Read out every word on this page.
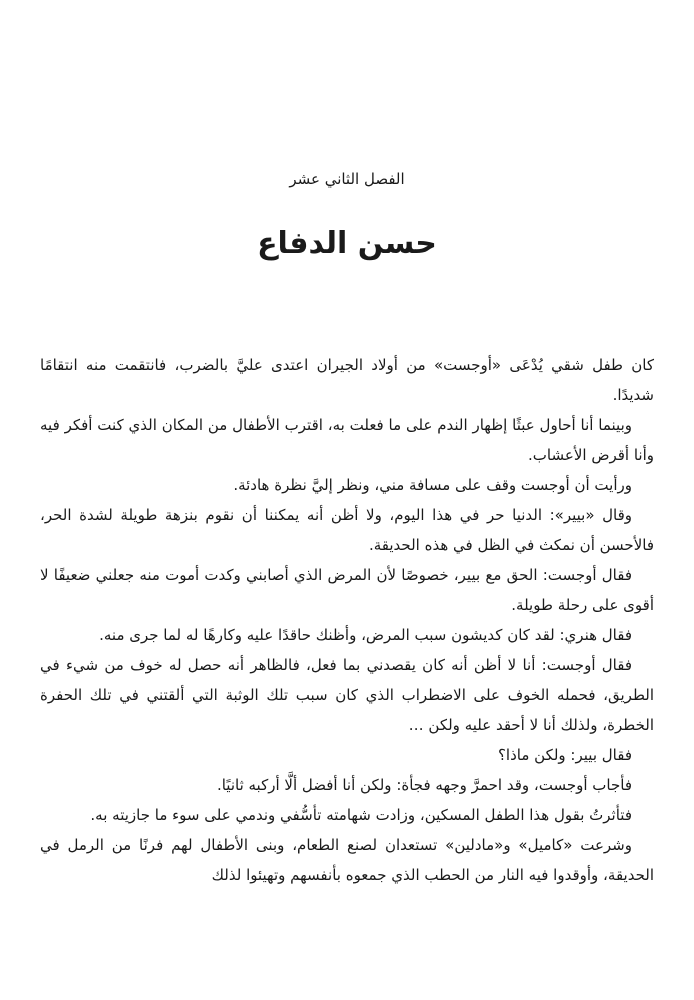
الفصل الثاني عشر
حسن الدفاع

كان طفل شقي يُدْعَى «أوجست» من أولاد الجيران اعتدى عليَّ بالضرب، فانتقمت منه انتقامًا شديدًا.

وبينما أنا أحاول عبثًا إظهار الندم على ما فعلت به، اقترب الأطفال من المكان الذي كنت أفكر فيه وأنا أقرض الأعشاب.

ورأيت أن أوجست وقف على مسافة مني، ونظر إليَّ نظرة هادئة.

وقال «بيير»: الدنيا حر في هذا اليوم، ولا أظن أنه يمكننا أن نقوم بنزهة طويلة لشدة الحر، فالأحسن أن نمكث في الظل في هذه الحديقة.

فقال أوجست: الحق مع بيير، خصوصًا لأن المرض الذي أصابني وكدت أموت منه جعلني ضعيفًا لا أقوى على رحلة طويلة.

فقال هنري: لقد كان كديشون سبب المرض، وأظنك حاقدًا عليه وكارهًا له لما جرى منه.

فقال أوجست: أنا لا أظن أنه كان يقصدني بما فعل، فالظاهر أنه حصل له خوف من شيء في الطريق، فحمله الخوف على الاضطراب الذي كان سبب تلك الوثبة التي ألقتني في تلك الحفرة الخطرة، ولذلك أنا لا أحقد عليه ولكن …

فقال بيير: ولكن ماذا؟

فأجاب أوجست، وقد احمرَّ وجهه فجأة: ولكن أنا أفضل ألَّا أركبه ثانيًا.

فتأثرتُ بقول هذا الطفل المسكين، وزادت شهامته تأسُّفي وندمي على سوء ما جازيته به.

وشرعت «كاميل» و«مادلين» تستعدان لصنع الطعام، وبنى الأطفال لهم فرنًا من الرمل في الحديقة، وأوقدوا فيه النار من الحطب الذي جمعوه بأنفسهم وتهيئوا لذلك
